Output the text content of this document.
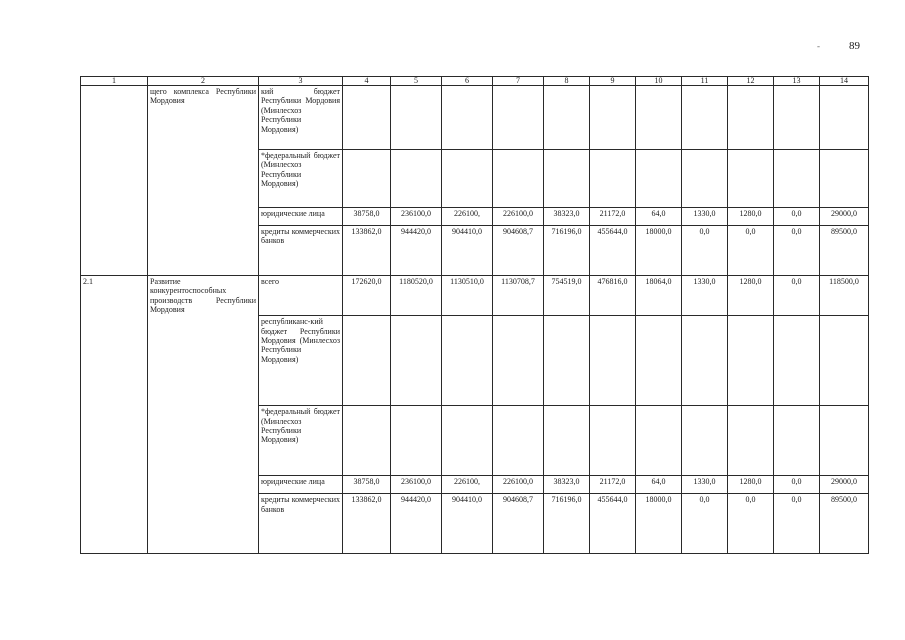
-	89
1	2	3	4	5	6	7	8	9	10	11	12	13	14
	щего комплекса Республики Мордовия	кий бюджет Республики Мордовия (Минлесхоз Республики Мордовия)											
		*федеральный бюджет (Минлесхоз Республики Мордовия)											
		юридические лица	38758,0	236100,0	226100,	226100,0	38323,0	21172,0	64,0	1330,0	1280,0	0,0	29000,0
		кредиты коммерческих банков	133862,0	944420,0	904410,0	904608,7	716196,0	455644,0	18000,0	0,0	0,0	0,0	89500,0
2.1	Развитие конкурентоспособных производств Республики Мордовия	всего	172620,0	1180520,0	1130510,0	1130708,7	754519,0	476816,0	18064,0	1330,0	1280,0	0,0	118500,0
		республиканс-кий бюджет Республики Мордовия (Минлесхоз Республики Мордовия)											
		*федеральный бюджет (Минлесхоз Республики Мордовия)											
		юридические лица	38758,0	236100,0	226100,	226100,0	38323,0	21172,0	64,0	1330,0	1280,0	0,0	29000,0
		кредиты коммерческих банков	133862,0	944420,0	904410,0	904608,7	716196,0	455644,0	18000,0	0,0	0,0	0,0	89500,0
